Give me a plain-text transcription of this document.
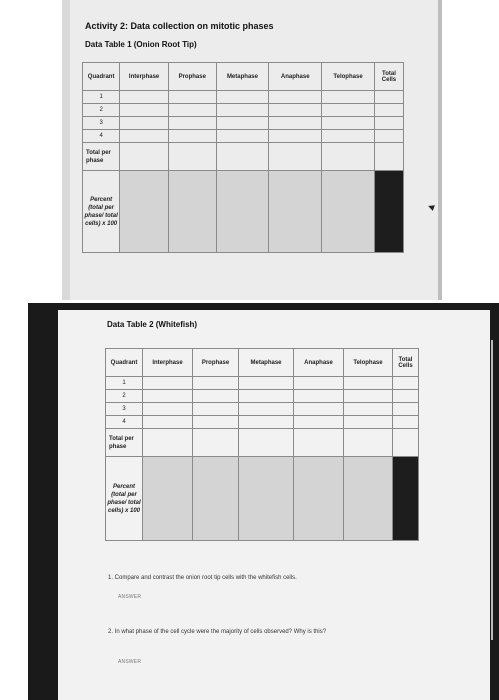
Activity 2: Data collection on mitotic phases
Data Table 1 (Onion Root Tip)
Quadrant	Interphase	Prophase	Metaphase	Anaphase	Telophase	Total Cells
1						
2						
3						
4						
Total per phase						
Percent (total per phase/ total cells) x 100						
Data Table 2 (Whitefish)
Quadrant	Interphase	Prophase	Metaphase	Anaphase	Telophase	Total Cells
1						
2						
3						
4						
Total per phase						
Percent (total per phase/ total cells) x 100						
1. Compare and contrast the onion root tip cells with the whitefish cells.
ANSWER
2. In what phase of the cell cycle were the majority of cells observed? Why is this?
ANSWER
